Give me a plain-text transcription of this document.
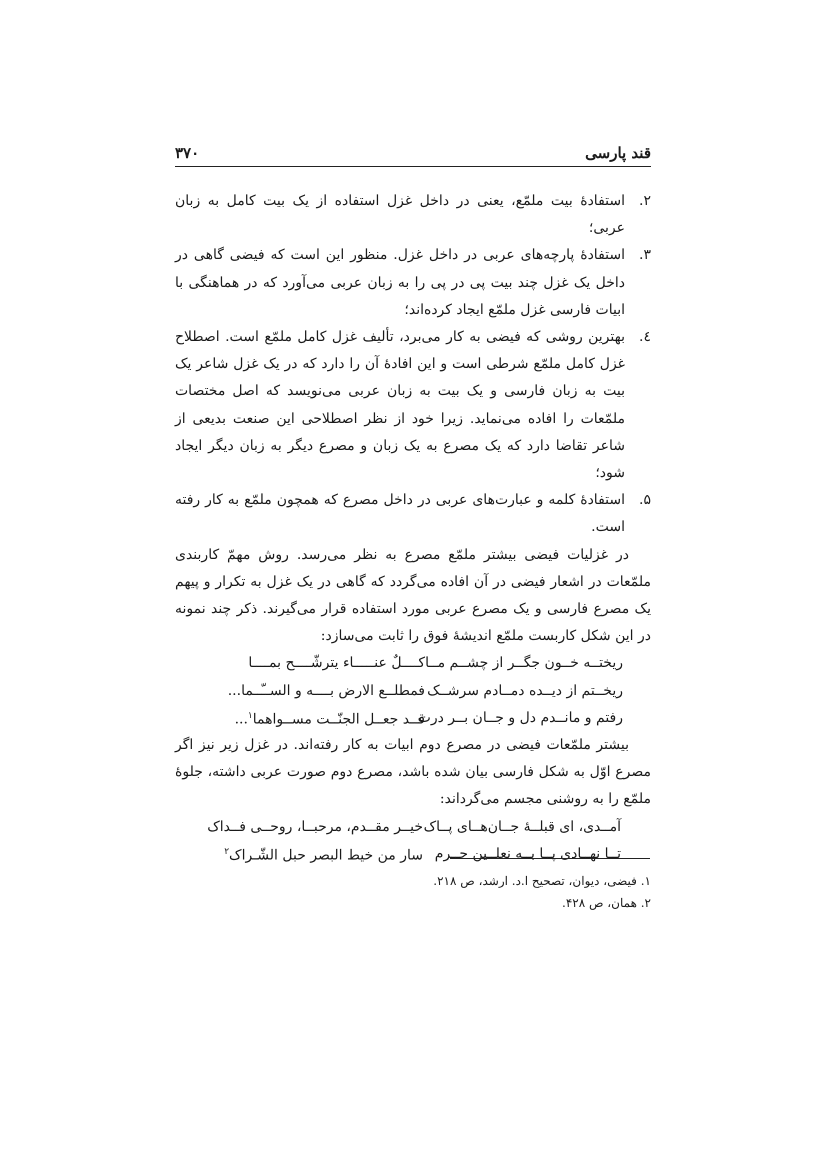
قند پارسی
۳۷۰
۲.
استفادهٔ بیت ملمّع، یعنی در داخل غزل استفاده از یک بیت کامل به زبان عربی؛
۳.
استفادهٔ پارچه‌های عربی در داخل غزل. منظور این است که فیضی گاهی در داخل یک غزل چند بیت پی در پی را به زبان عربی می‌آورد که در هماهنگی با ابیات فارسی غزل ملمّع ایجاد کرده‌اند؛
٤.
بهترین روشی که فیضی به کار می‌برد، تألیف غزل کامل ملمّع است. اصطلاح غزل کامل ملمّع شرطی است و این افادهٔ آن را دارد که در یک غزل شاعر یک بیت به زبان فارسی و یک بیت به زبان عربی می‌نویسد که اصل مختصات ملمّعات را افاده می‌نماید. زیرا خود از نظر اصطلاحی این صنعت بدیعی از شاعر تقاضا دارد که یک مصرع به یک زبان و مصرع دیگر به زبان دیگر ایجاد شود؛
۵.
استفادهٔ کلمه و عبارت‌های عربی در داخل مصرع که همچون ملمّع به کار رفته است.
در غزلیات فیضی بیشتر ملمّع مصرع به نظر می‌رسد. روش مهمّ کاربندی ملمّعات در اشعار فیضی در آن افاده می‌گردد که گاهی در یک غزل به تکرار و پیهم یک مصرع فارسی و یک مصرع عربی مورد استفاده قرار می‌گیرند. ذکر چند نمونه در این شکل کاربست ملمّع اندیشهٔ فوق را ثابت می‌سازد:
ریختــه خــون جگــر از چشــم مــا
کــــلٌ عنـــــاء یترشّــــح بمــــا
ریخــتم از دیــده دمــادم سرشــک
فمطلــع الارض بــــه و الســّــما...
رفتم و مانــدم دل و جــان بــر درت
قــد جعــل الجنّــت مســواهما$^۱$...
بیشتر ملمّعات فیضی در مصرع دوم ابیات به کار رفته‌اند. در غزل زیر نیز اگر مصرع اوّل به شکل فارسی بیان شده باشد، مصرع دوم صورت عربی داشته، جلوهٔ ملمّع را به روشنی مجسم می‌گرداند:
آمــدی، ای قبلــهٔ جــان‌هــای پــاک
خیــر مقــدم، مرحبــا، روحــی فــداک
تــا نهــادی پــا بــه نعلــین حــرم
سار من خیط البصر حبل الشّـراک$^۲$
۱. فیضی، دیوان، تصحیح ا.د. ارشد، ص ۲۱۸.
۲. همان، ص ۴۲۸.
